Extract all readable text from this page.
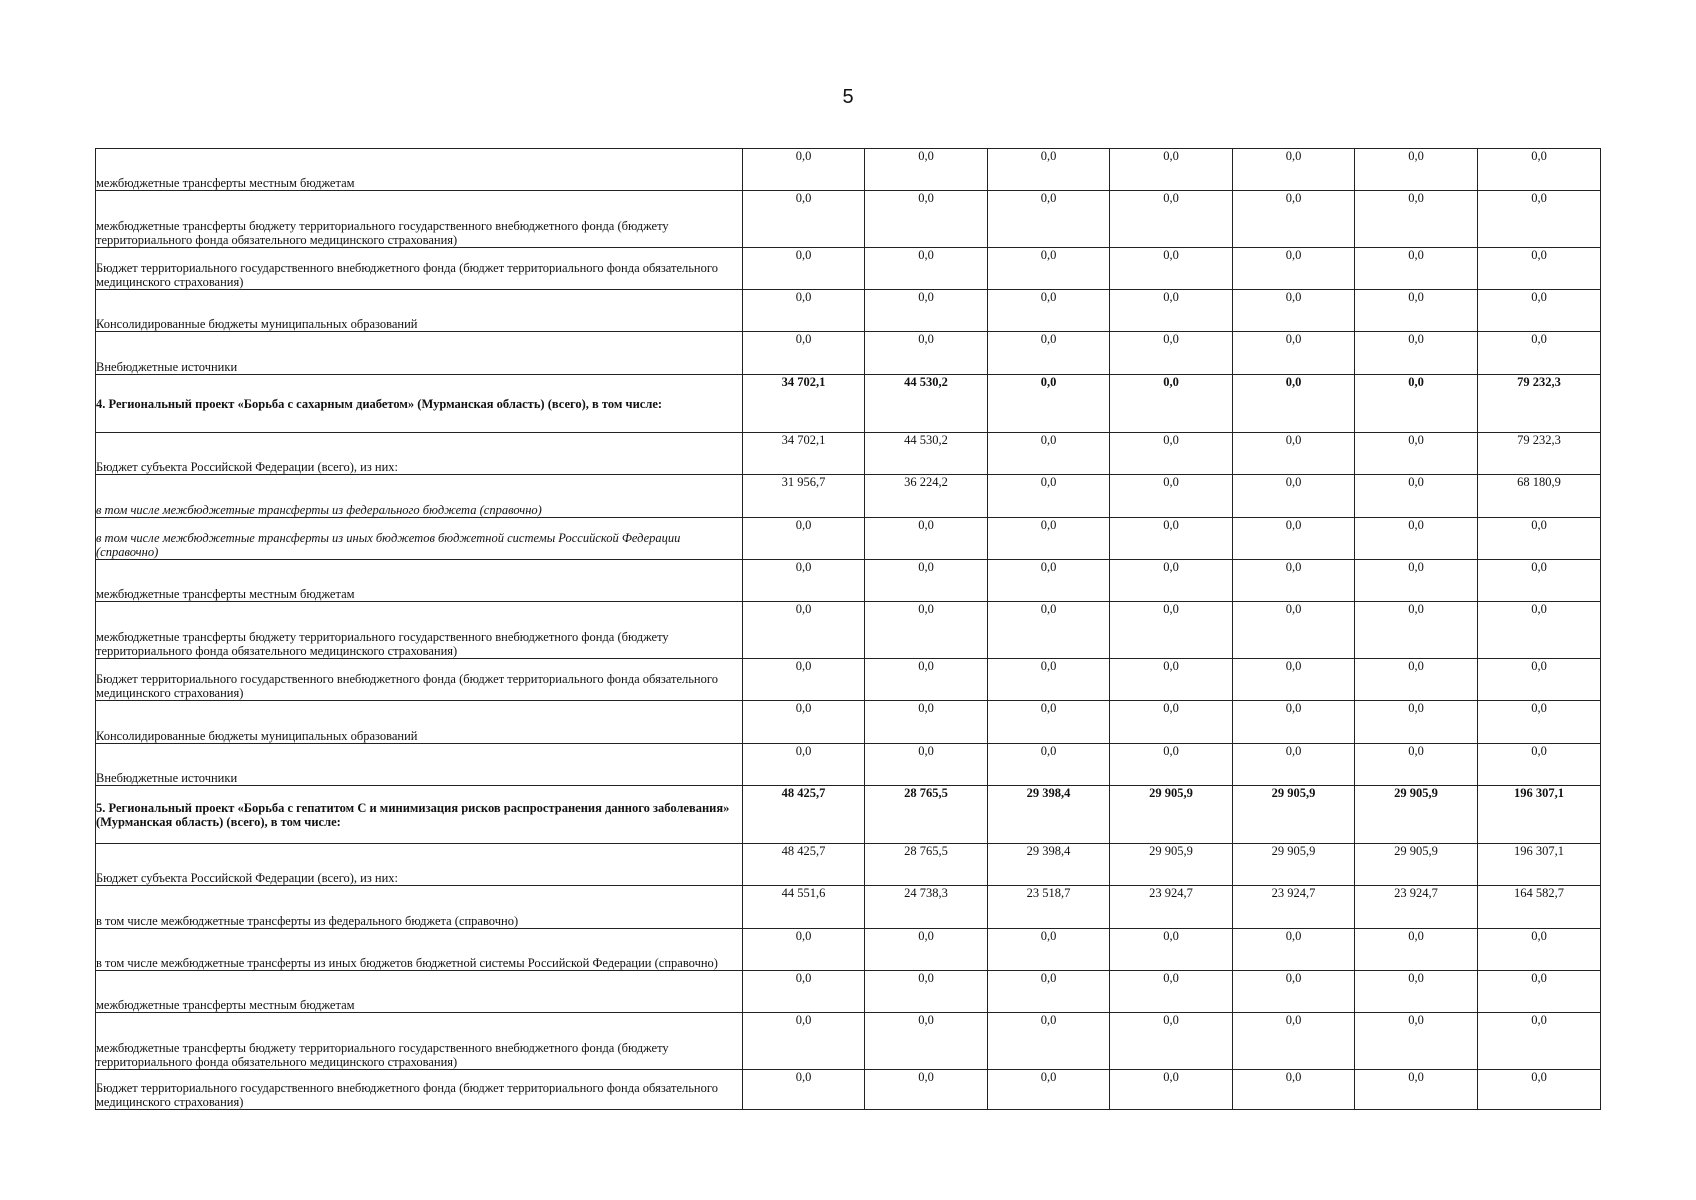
5
межбюджетные трансферты местным бюджетам	0,0	0,0	0,0	0,0	0,0	0,0	0,0
межбюджетные трансферты бюджету территориального государственного внебюджетного фонда (бюджету территориального фонда обязательного медицинского страхования)	0,0	0,0	0,0	0,0	0,0	0,0	0,0
Бюджет территориального государственного внебюджетного фонда (бюджет территориального фонда обязательного медицинского страхования)	0,0	0,0	0,0	0,0	0,0	0,0	0,0
Консолидированные бюджеты муниципальных образований	0,0	0,0	0,0	0,0	0,0	0,0	0,0
Внебюджетные источники	0,0	0,0	0,0	0,0	0,0	0,0	0,0
4. Региональный проект «Борьба с сахарным диабетом» (Мурманская область) (всего), в том числе:	34 702,1	44 530,2	0,0	0,0	0,0	0,0	79 232,3
Бюджет субъекта Российской Федерации (всего), из них:	34 702,1	44 530,2	0,0	0,0	0,0	0,0	79 232,3
в том числе межбюджетные трансферты из федерального бюджета (справочно)	31 956,7	36 224,2	0,0	0,0	0,0	0,0	68 180,9
в том числе межбюджетные трансферты из иных бюджетов бюджетной системы Российской Федерации (справочно)	0,0	0,0	0,0	0,0	0,0	0,0	0,0
межбюджетные трансферты местным бюджетам	0,0	0,0	0,0	0,0	0,0	0,0	0,0
межбюджетные трансферты бюджету территориального государственного внебюджетного фонда (бюджету территориального фонда обязательного медицинского страхования)	0,0	0,0	0,0	0,0	0,0	0,0	0,0
Бюджет территориального государственного внебюджетного фонда (бюджет территориального фонда обязательного медицинского страхования)	0,0	0,0	0,0	0,0	0,0	0,0	0,0
Консолидированные бюджеты муниципальных образований	0,0	0,0	0,0	0,0	0,0	0,0	0,0
Внебюджетные источники	0,0	0,0	0,0	0,0	0,0	0,0	0,0
5. Региональный проект «Борьба с гепатитом С и минимизация рисков распространения данного заболевания» (Мурманская область) (всего), в том числе:	48 425,7	28 765,5	29 398,4	29 905,9	29 905,9	29 905,9	196 307,1
Бюджет субъекта Российской Федерации (всего), из них:	48 425,7	28 765,5	29 398,4	29 905,9	29 905,9	29 905,9	196 307,1
в том числе межбюджетные трансферты из федерального бюджета (справочно)	44 551,6	24 738,3	23 518,7	23 924,7	23 924,7	23 924,7	164 582,7
в том числе межбюджетные трансферты из иных бюджетов бюджетной системы Российской Федерации (справочно)	0,0	0,0	0,0	0,0	0,0	0,0	0,0
межбюджетные трансферты местным бюджетам	0,0	0,0	0,0	0,0	0,0	0,0	0,0
межбюджетные трансферты бюджету территориального государственного внебюджетного фонда (бюджету территориального фонда обязательного медицинского страхования)	0,0	0,0	0,0	0,0	0,0	0,0	0,0
Бюджет территориального государственного внебюджетного фонда (бюджет территориального фонда обязательного медицинского страхования)	0,0	0,0	0,0	0,0	0,0	0,0	0,0
